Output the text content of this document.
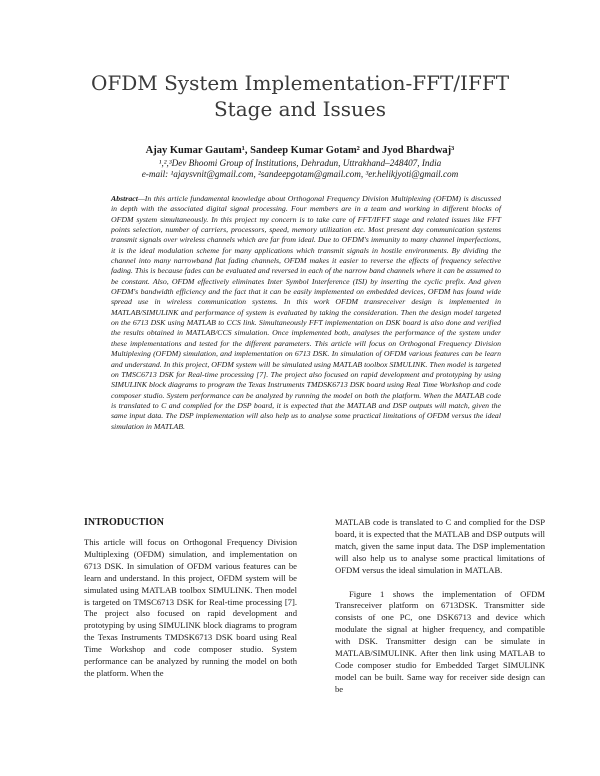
OFDM System Implementation-FFT/IFFT Stage and Issues
Ajay Kumar Gautam¹, Sandeep Kumar Gotam² and Jyod Bhardwaj³
¹,²,³Dev Bhoomi Group of Institutions, Dehradun, Uttrakhand–248407, India
e-mail: ¹ajaysvnit@gmail.com, ²sandeepgotam@gmail.com, ³er.helikjyoti@gmail.com

Abstract—In this article fundamental knowledge about Orthogonal Frequency Division Multiplexing (OFDM) is discussed in depth with the associated digital signal processing. Four members are in a team and working in different blocks of OFDM system simultaneously. In this project my concern is to take care of FFT/IFFT stage and related issues like FFT points selection, number of carriers, processors, speed, memory utilization etc. Most present day communication systems transmit signals over wireless channels which are far from ideal. Due to OFDM's immunity to many channel imperfections, it is the ideal modulation scheme for many applications which transmit signals in hostile environments. By dividing the channel into many narrowband flat fading channels, OFDM makes it easier to reverse the effects of frequency selective fading. This is because fades can be evaluated and reversed in each of the narrow band channels where it can be assumed to be constant. Also, OFDM effectively eliminates Inter Symbol Interference (ISI) by inserting the cyclic prefix. And given OFDM's bandwidth efficiency and the fact that it can be easily implemented on embedded devices, OFDM has found wide spread use in wireless communication systems. In this work OFDM transreceiver design is implemented in MATLAB/SIMULINK and performance of system is evaluated by taking the consideration. Then the design model targeted on the 6713 DSK using MATLAB to CCS link. Simultaneously FFT implementation on DSK board is also done and verified the results obtained in MATLAB/CCS simulation. Once implemented both, analyses the performance of the system under these implementations and tested for the different parameters. This article will focus on Orthogonal Frequency Division Multiplexing (OFDM) simulation, and implementation on 6713 DSK. In simulation of OFDM various features can be learn and understand. In this project, OFDM system will be simulated using MATLAB toolbox SIMULINK. Then model is targeted on TMSC6713 DSK for Real-time processing [7]. The project also focused on rapid development and prototyping by using SIMULINK block diagrams to program the Texas Instruments TMDSK6713 DSK board using Real Time Workshop and code composer studio. System performance can be analyzed by running the model on both the platform. When the MATLAB code is translated to C and complied for the DSP board, it is expected that the MATLAB and DSP outputs will match, given the same input data. The DSP implementation will also help us to analyse some practical limitations of OFDM versus the ideal simulation in MATLAB.

INTRODUCTION

This article will focus on Orthogonal Frequency Division Multiplexing (OFDM) simulation, and implementation on 6713 DSK. In simulation of OFDM various features can be learn and understand. In this project, OFDM system will be simulated using MATLAB toolbox SIMULINK. Then model is targeted on TMSC6713 DSK for Real-time processing [7]. The project also focused on rapid development and prototyping by using SIMULINK block diagrams to program the Texas Instruments TMDSK6713 DSK board using Real Time Workshop and code composer studio. System performance can be analyzed by running the model on both the platform. When the

MATLAB code is translated to C and complied for the DSP board, it is expected that the MATLAB and DSP outputs will match, given the same input data. The DSP implementation will also help us to analyse some practical limitations of OFDM versus the ideal simulation in MATLAB.

Figure 1 shows the implementation of OFDM Transreceiver platform on 6713DSK. Transmitter side consists of one PC, one DSK6713 and device which modulate the signal at higher frequency, and compatible with DSK. Transmitter design can be simulate in MATLAB/SIMULINK. After then link using MATLAB to Code composer studio for Embedded Target SIMULINK model can be built. Same way for receiver side design can be
